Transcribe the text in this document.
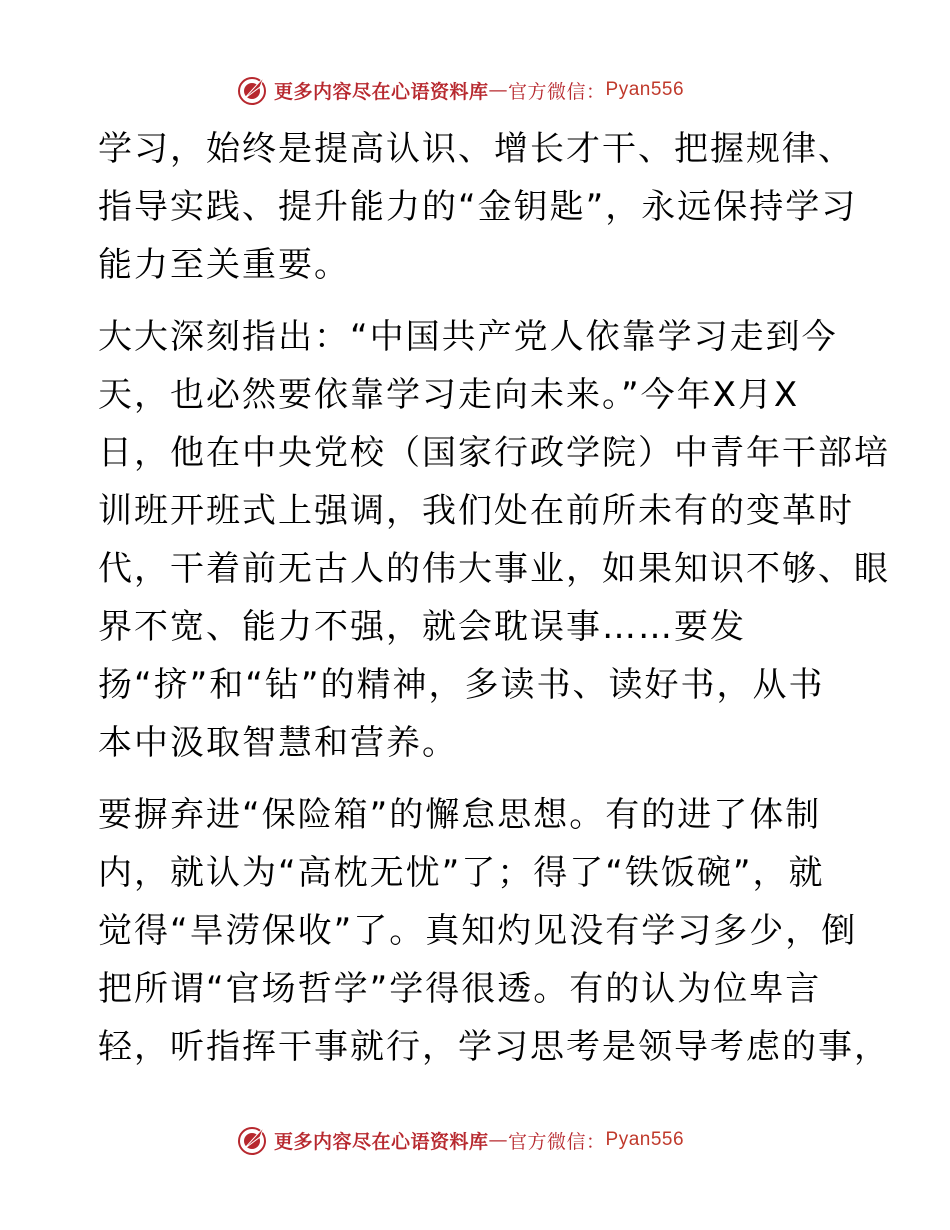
更多内容尽在心语资料库 — 官方微信： Pyan556
学习，始终是提高认识、增长才干、把握规律、
指导实践、提升能力的“金钥匙”，永远保持学习
能力至关重要。
大大深刻指出：“中国共产党人依靠学习走到今
天，也必然要依靠学习走向未来。”今年X月X
日，他在中央党校（国家行政学院）中青年干部培
训班开班式上强调，我们处在前所未有的变革时
代，干着前无古人的伟大事业，如果知识不够、眼
界不宽、能力不强，就会耽误事……要发
扬“挤”和“钻”的精神，多读书、读好书，从书
本中汲取智慧和营养。
要摒弃进“保险箱”的懈怠思想。有的进了体制
内，就认为“高枕无忧”了；得了“铁饭碗”，就
觉得“旱涝保收”了。真知灼见没有学习多少，倒
把所谓“官场哲学”学得很透。有的认为位卑言
轻，听指挥干事就行，学习思考是领导考虑的事，
更多内容尽在心语资料库 — 官方微信： Pyan556
